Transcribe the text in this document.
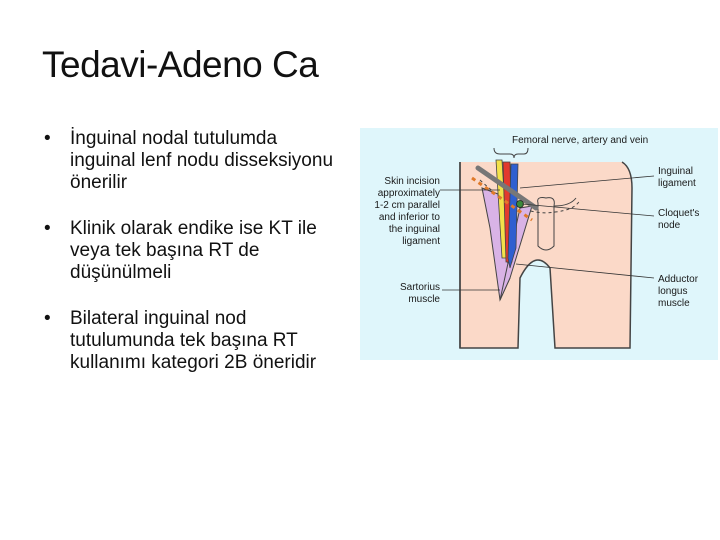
Tedavi-Adeno Ca
• İnguinal nodal tutulumda inguinal lenf nodu disseksiyonu önerilir
• Klinik olarak endike ise KT ile veya tek başına RT de düşünülmeli
• Bilateral inguinal nod tutulumunda tek başına RT kullanımı kategori 2B öneridir
Femoral nerve, artery and vein
Skin incision
approximately
1-2 cm parallel
and inferior to
the inguinal
ligament
Sartorius
muscle
Inguinal
ligament
Cloquet's
node
Adductor
longus
muscle
